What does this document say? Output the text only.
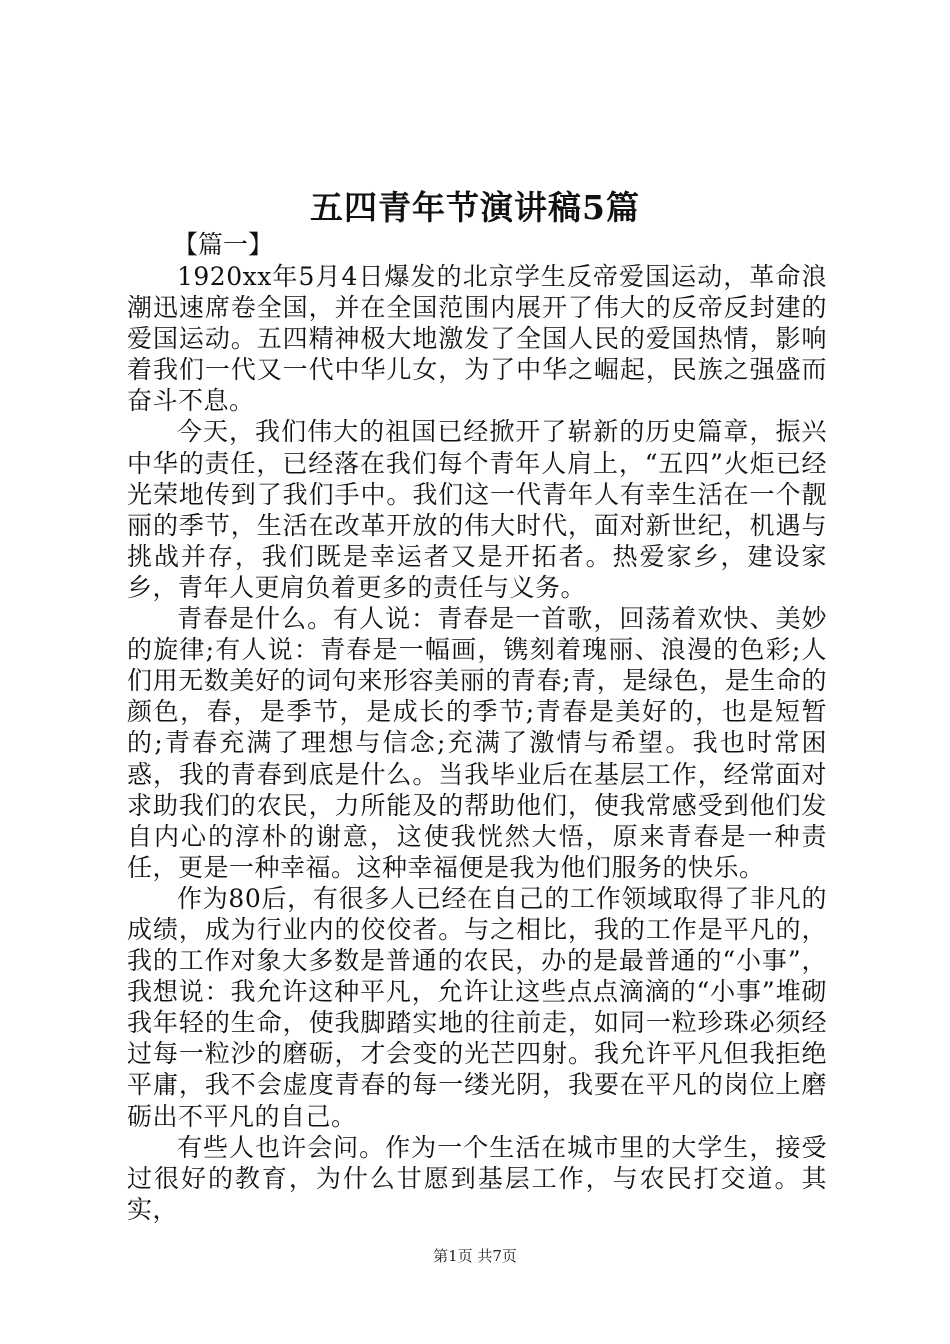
五四青年节演讲稿5篇

【篇一】

1920xx年5月4日爆发的北京学生反帝爱国运动，革命浪潮迅速席卷全国，并在全国范围内展开了伟大的反帝反封建的爱国运动。五四精神极大地激发了全国人民的爱国热情，影响着我们一代又一代中华儿女，为了中华之崛起，民族之强盛而奋斗不息。

今天，我们伟大的祖国已经掀开了崭新的历史篇章，振兴中华的责任，已经落在我们每个青年人肩上，“五四”火炬已经光荣地传到了我们手中。我们这一代青年人有幸生活在一个靓丽的季节，生活在改革开放的伟大时代，面对新世纪，机遇与挑战并存，我们既是幸运者又是开拓者。热爱家乡，建设家乡，青年人更肩负着更多的责任与义务。

青春是什么。有人说：青春是一首歌，回荡着欢快、美妙的旋律;有人说：青春是一幅画，镌刻着瑰丽、浪漫的色彩;人们用无数美好的词句来形容美丽的青春;青，是绿色，是生命的颜色，春，是季节，是成长的季节;青春是美好的，也是短暂的;青春充满了理想与信念;充满了激情与希望。我也时常困惑，我的青春到底是什么。当我毕业后在基层工作，经常面对求助我们的农民，力所能及的帮助他们，使我常感受到他们发自内心的淳朴的谢意，这使我恍然大悟，原来青春是一种责任，更是一种幸福。这种幸福便是我为他们服务的快乐。

作为80后，有很多人已经在自己的工作领域取得了非凡的成绩，成为行业内的佼佼者。与之相比，我的工作是平凡的，我的工作对象大多数是普通的农民，办的是最普通的“小事”，我想说：我允许这种平凡，允许让这些点点滴滴的“小事”堆砌我年轻的生命，使我脚踏实地的往前走，如同一粒珍珠必须经过每一粒沙的磨砺，才会变的光芒四射。我允许平凡但我拒绝平庸，我不会虚度青春的每一缕光阴，我要在平凡的岗位上磨砺出不平凡的自己。

有些人也许会问。作为一个生活在城市里的大学生，接受过很好的教育，为什么甘愿到基层工作，与农民打交道。其实，

第1页 共7页
